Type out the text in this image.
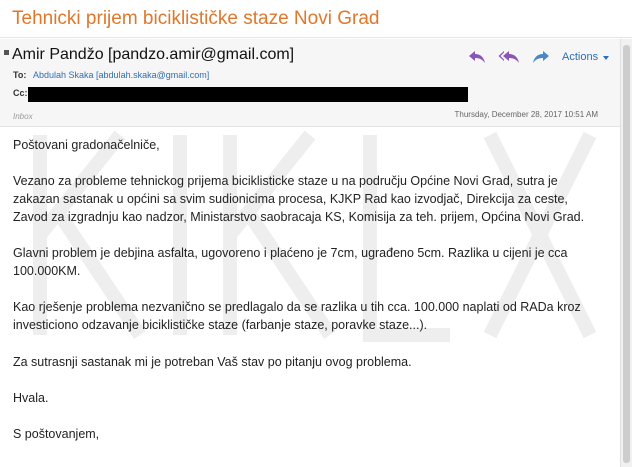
Tehnicki prijem biciklističke staze Novi Grad
Amir Pandžo [pandzo.amir@gmail.com]	Actions
To: Abdulah Skaka [abdulah.skaka@gmail.com]
Cc:
Inbox	Thursday, December 28, 2017 10:51 AM
Poštovani gradonačelniče,
Vezano za probleme tehnickog prijema biciklisticke staze u na području Općine Novi Grad, sutra je zakazan sastanak u općini sa svim sudionicima procesa, KJKP Rad kao izvodjač, Direkcija za ceste, Zavod za izgradnju kao nadzor, Ministarstvo saobracaja KS, Komisija za teh. prijem, Općina Novi Grad.
Glavni problem je debjina asfalta, ugovoreno i plaćeno je 7cm, ugrađeno 5cm. Razlika u cijeni je cca 100.000KM.
Kao rješenje problema nezvanično se predlagalo da se razlika u tih cca. 100.000 naplati od RADa kroz investiciono odzavanje biciklističke staze (farbanje staze, poravke staze...).
Za sutrasnji sastanak mi je potreban Vaš stav po pitanju ovog problema.
Hvala.
S poštovanjem,
